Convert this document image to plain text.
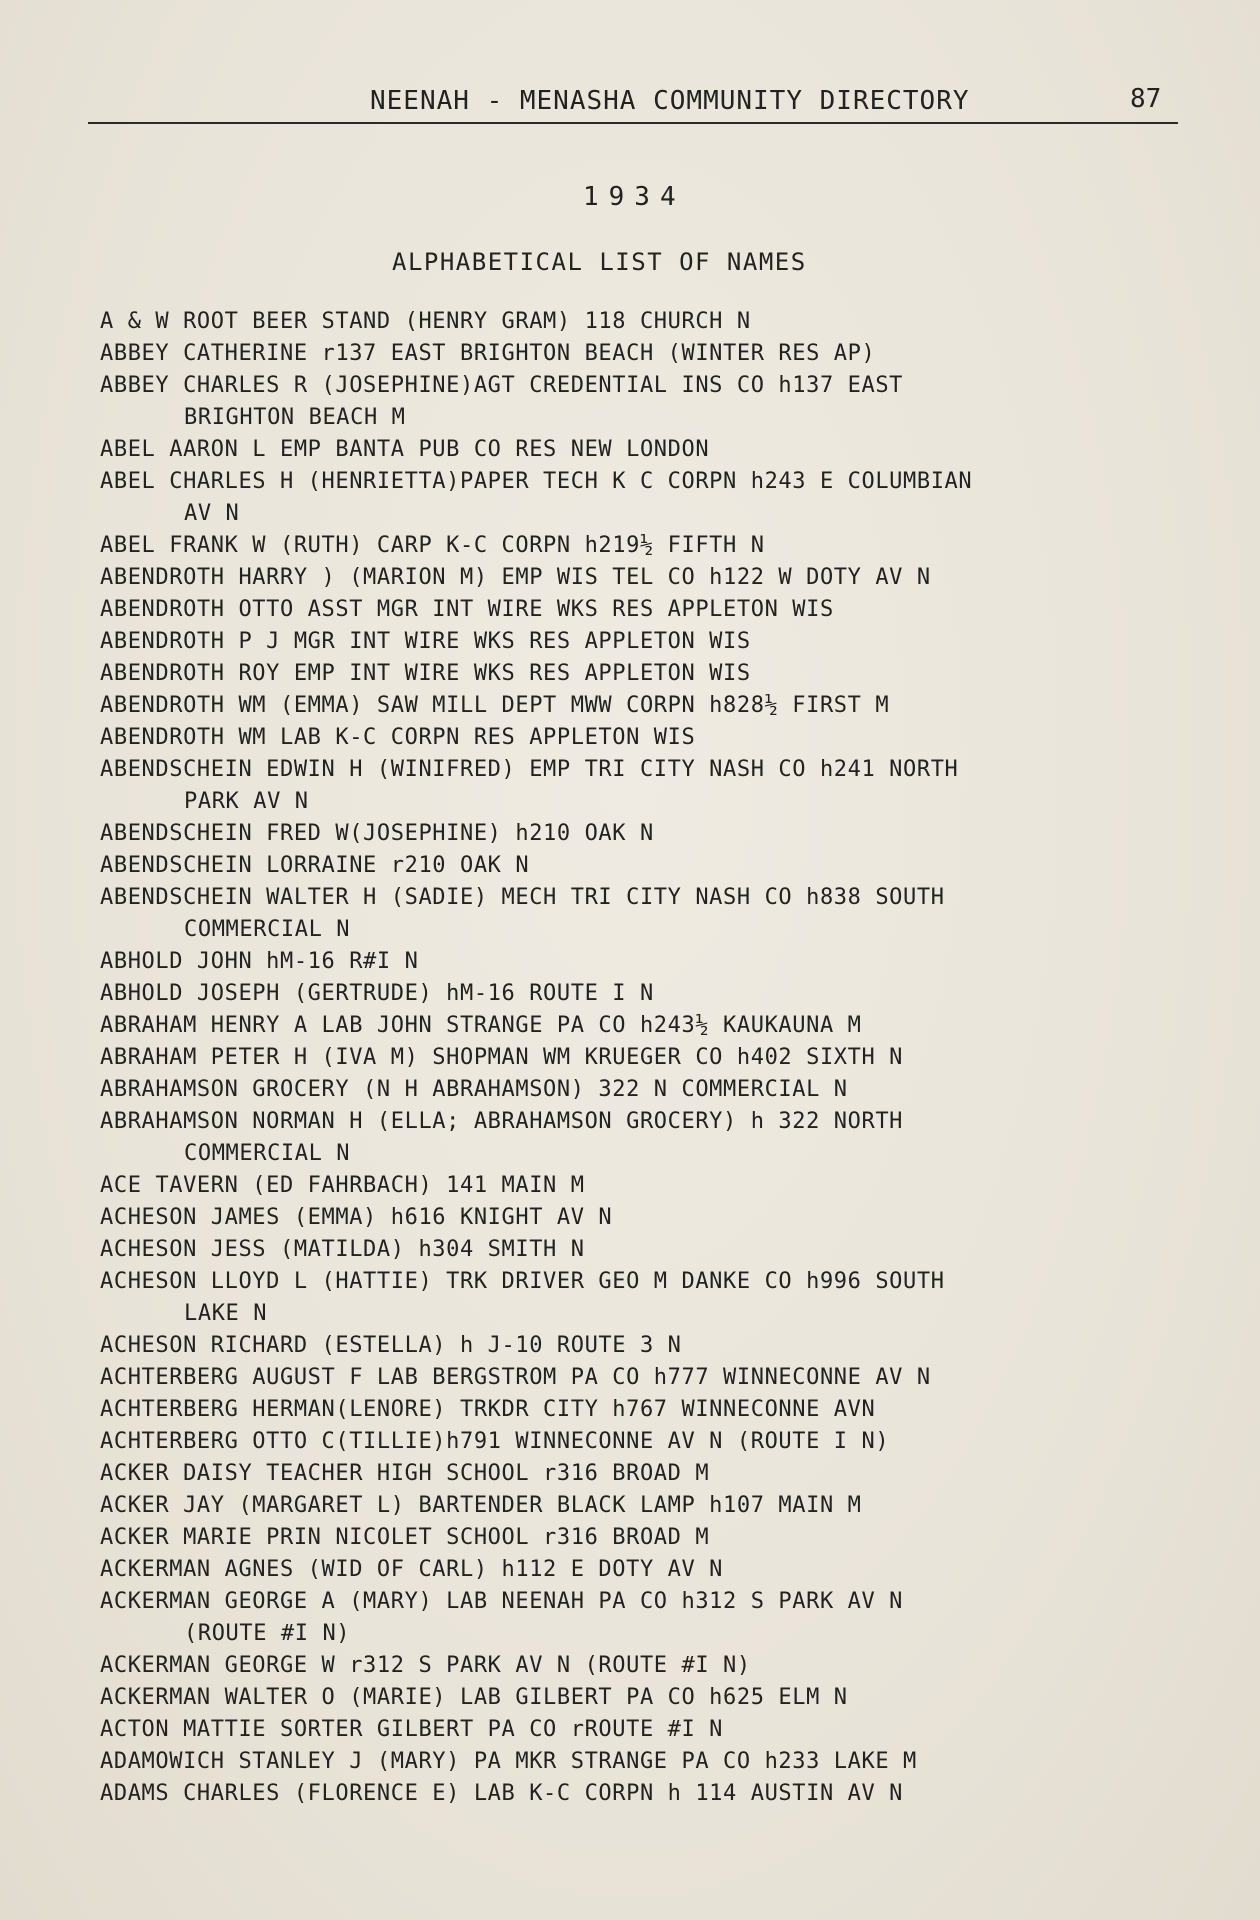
NEENAH - MENASHA COMMUNITY DIRECTORY	87
1934
ALPHABETICAL LIST OF NAMES
A & W ROOT BEER STAND (HENRY GRAM) 118 CHURCH N
ABBEY CATHERINE r137 EAST BRIGHTON BEACH (WINTER RES AP)
ABBEY CHARLES R (JOSEPHINE)AGT CREDENTIAL INS CO h137 EAST
BRIGHTON BEACH M
ABEL AARON L EMP BANTA PUB CO RES NEW LONDON
ABEL CHARLES H (HENRIETTA)PAPER TECH K C CORPN h243 E COLUMBIAN
AV N
ABEL FRANK W (RUTH) CARP K-C CORPN h219½ FIFTH N
ABENDROTH HARRY ) (MARION M) EMP WIS TEL CO h122 W DOTY AV N
ABENDROTH OTTO ASST MGR INT WIRE WKS RES APPLETON WIS
ABENDROTH P J MGR INT WIRE WKS RES APPLETON WIS
ABENDROTH ROY EMP INT WIRE WKS RES APPLETON WIS
ABENDROTH WM (EMMA) SAW MILL DEPT MWW CORPN h828½ FIRST M
ABENDROTH WM LAB K-C CORPN RES APPLETON WIS
ABENDSCHEIN EDWIN H (WINIFRED) EMP TRI CITY NASH CO h241 NORTH
PARK AV N
ABENDSCHEIN FRED W(JOSEPHINE) h210 OAK N
ABENDSCHEIN LORRAINE r210 OAK N
ABENDSCHEIN WALTER H (SADIE) MECH TRI CITY NASH CO h838 SOUTH
COMMERCIAL N
ABHOLD JOHN hM-16 R#I N
ABHOLD JOSEPH (GERTRUDE) hM-16 ROUTE I N
ABRAHAM HENRY A LAB JOHN STRANGE PA CO h243½ KAUKAUNA M
ABRAHAM PETER H (IVA M) SHOPMAN WM KRUEGER CO h402 SIXTH N
ABRAHAMSON GROCERY (N H ABRAHAMSON) 322 N COMMERCIAL N
ABRAHAMSON NORMAN H (ELLA; ABRAHAMSON GROCERY) h 322 NORTH
COMMERCIAL N
ACE TAVERN (ED FAHRBACH) 141 MAIN M
ACHESON JAMES (EMMA) h616 KNIGHT AV N
ACHESON JESS (MATILDA) h304 SMITH N
ACHESON LLOYD L (HATTIE) TRK DRIVER GEO M DANKE CO h996 SOUTH
LAKE N
ACHESON RICHARD (ESTELLA) h J-10 ROUTE 3 N
ACHTERBERG AUGUST F LAB BERGSTROM PA CO h777 WINNECONNE AV N
ACHTERBERG HERMAN(LENORE) TRKDR CITY h767 WINNECONNE AVN
ACHTERBERG OTTO C(TILLIE)h791 WINNECONNE AV N (ROUTE I N)
ACKER DAISY TEACHER HIGH SCHOOL r316 BROAD M
ACKER JAY (MARGARET L) BARTENDER BLACK LAMP h107 MAIN M
ACKER MARIE PRIN NICOLET SCHOOL r316 BROAD M
ACKERMAN AGNES (WID OF CARL) h112 E DOTY AV N
ACKERMAN GEORGE A (MARY) LAB NEENAH PA CO h312 S PARK AV N
(ROUTE #I N)
ACKERMAN GEORGE W r312 S PARK AV N (ROUTE #I N)
ACKERMAN WALTER O (MARIE) LAB GILBERT PA CO h625 ELM N
ACTON MATTIE SORTER GILBERT PA CO rROUTE #I N
ADAMOWICH STANLEY J (MARY) PA MKR STRANGE PA CO h233 LAKE M
ADAMS CHARLES (FLORENCE E) LAB K-C CORPN h 114 AUSTIN AV N
